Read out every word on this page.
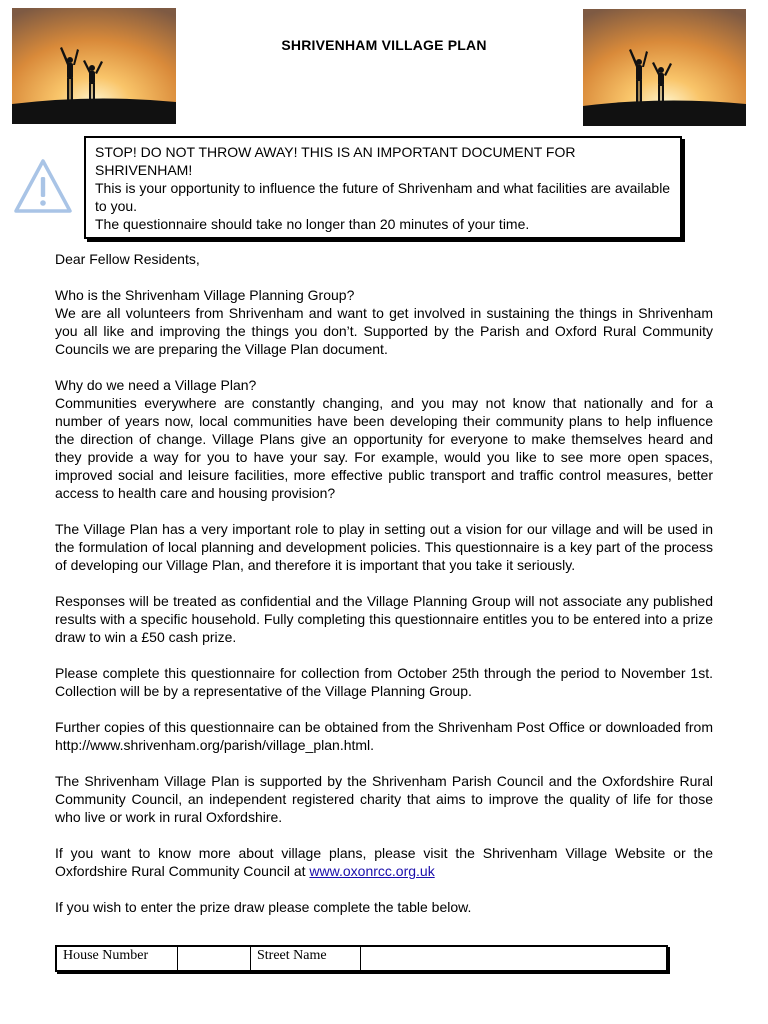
SHRIVENHAM VILLAGE PLAN

STOP! DO NOT THROW AWAY! THIS IS AN IMPORTANT DOCUMENT FOR SHRIVENHAM!

This is your opportunity to influence the future of Shrivenham and what facilities are available to you.

The questionnaire should take no longer than 20 minutes of your time.

Dear Fellow Residents,

Who is the Shrivenham Village Planning Group?

We are all volunteers from Shrivenham and want to get involved in sustaining the things in Shrivenham you all like and improving the things you don’t. Supported by the Parish and Oxford Rural Community Councils we are preparing the Village Plan document.

Why do we need a Village Plan?

Communities everywhere are constantly changing, and you may not know that nationally and for a number of years now, local communities have been developing their community plans to help influence the direction of change. Village Plans give an opportunity for everyone to make themselves heard and they provide a way for you to have your say. For example, would you like to see more open spaces, improved social and leisure facilities, more effective public transport and traffic control measures, better access to health care and housing provision?

The Village Plan has a very important role to play in setting out a vision for our village and will be used in the formulation of local planning and development policies. This questionnaire is a key part of the process of developing our Village Plan, and therefore it is important that you take it seriously.

Responses will be treated as confidential and the Village Planning Group will not associate any published results with a specific household. Fully completing this questionnaire entitles you to be entered into a prize draw to win a £50 cash prize.

Please complete this questionnaire for collection from October 25th through the period to November 1st. Collection will be by a representative of the Village Planning Group.

Further copies of this questionnaire can be obtained from the Shrivenham Post Office or downloaded from http://www.shrivenham.org/parish/village_plan.html.

The Shrivenham Village Plan is supported by the Shrivenham Parish Council and the Oxfordshire Rural Community Council, an independent registered charity that aims to improve the quality of life for those who live or work in rural Oxfordshire.

If you want to know more about village plans, please visit the Shrivenham Village Website or the Oxfordshire Rural Community Council at www.oxonrcc.org.uk

If you wish to enter the prize draw please complete the table below.

House Number		Street Name	
